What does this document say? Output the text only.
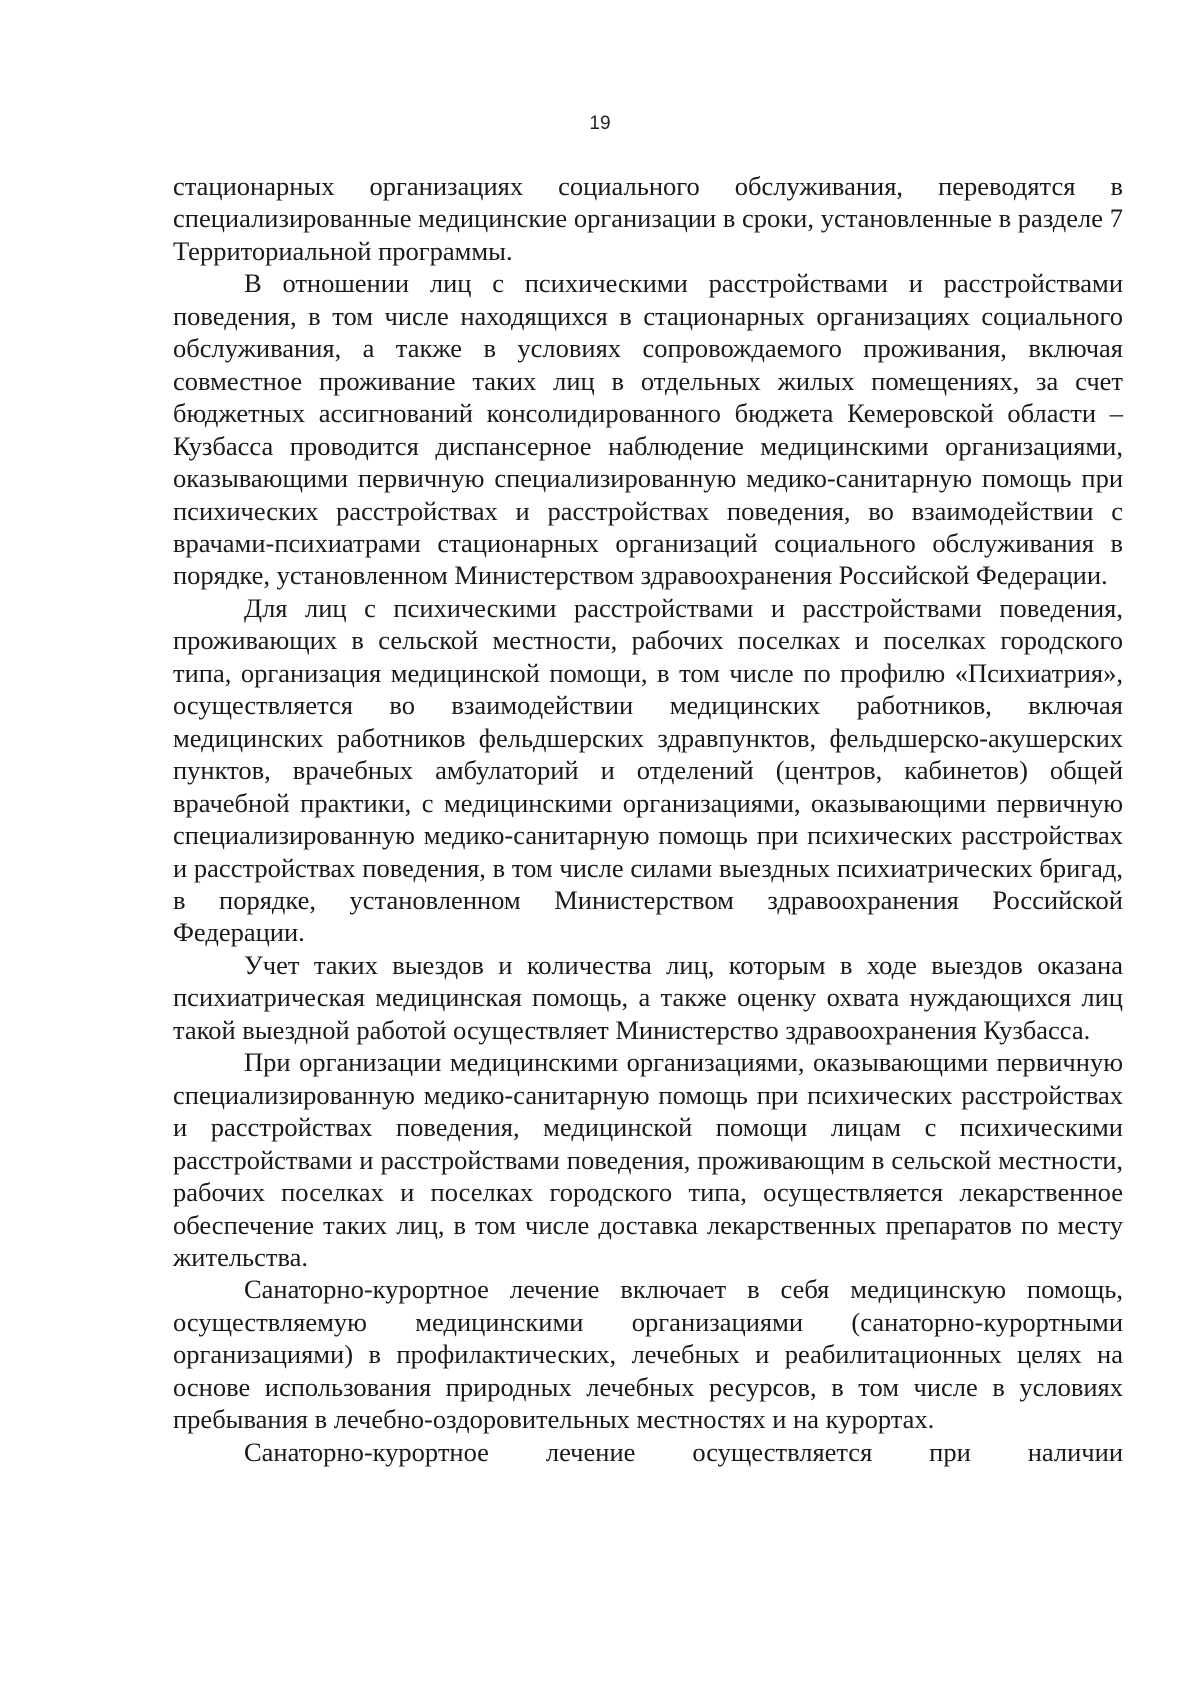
19

стационарных организациях социального обслуживания, переводятся в специализированные медицинские организации в сроки, установленные в разделе 7 Территориальной программы.

В отношении лиц с психическими расстройствами и расстройствами поведения, в том числе находящихся в стационарных организациях социального обслуживания, а также в условиях сопровождаемого проживания, включая совместное проживание таких лиц в отдельных жилых помещениях, за счет бюджетных ассигнований консолидированного бюджета Кемеровской области – Кузбасса проводится диспансерное наблюдение медицинскими организациями, оказывающими первичную специализированную медико-санитарную помощь при психических расстройствах и расстройствах поведения, во взаимодействии с врачами-психиатрами стационарных организаций социального обслуживания в порядке, установленном Министерством здравоохранения Российской Федерации.

Для лиц с психическими расстройствами и расстройствами поведения, проживающих в сельской местности, рабочих поселках и поселках городского типа, организация медицинской помощи, в том числе по профилю «Психиатрия», осуществляется во взаимодействии медицинских работников, включая медицинских работников фельдшерских здравпунктов, фельдшерско-акушерских пунктов, врачебных амбулаторий и отделений (центров, кабинетов) общей врачебной практики, с медицинскими организациями, оказывающими первичную специализированную медико-санитарную помощь при психических расстройствах и расстройствах поведения, в том числе силами выездных психиатрических бригад, в порядке, установленном Министерством здравоохранения Российской Федерации.

Учет таких выездов и количества лиц, которым в ходе выездов оказана психиатрическая медицинская помощь, а также оценку охвата нуждающихся лиц такой выездной работой осуществляет Министерство здравоохранения Кузбасса.

При организации медицинскими организациями, оказывающими первичную специализированную медико-санитарную помощь при психических расстройствах и расстройствах поведения, медицинской помощи лицам с психическими расстройствами и расстройствами поведения, проживающим в сельской местности, рабочих поселках и поселках городского типа, осуществляется лекарственное обеспечение таких лиц, в том числе доставка лекарственных препаратов по месту жительства.

Санаторно-курортное лечение включает в себя медицинскую помощь, осуществляемую медицинскими организациями (санаторно-курортными организациями) в профилактических, лечебных и реабилитационных целях на основе использования природных лечебных ресурсов, в том числе в условиях пребывания в лечебно-оздоровительных местностях и на курортах.

Санаторно-курортное лечение осуществляется при наличии
